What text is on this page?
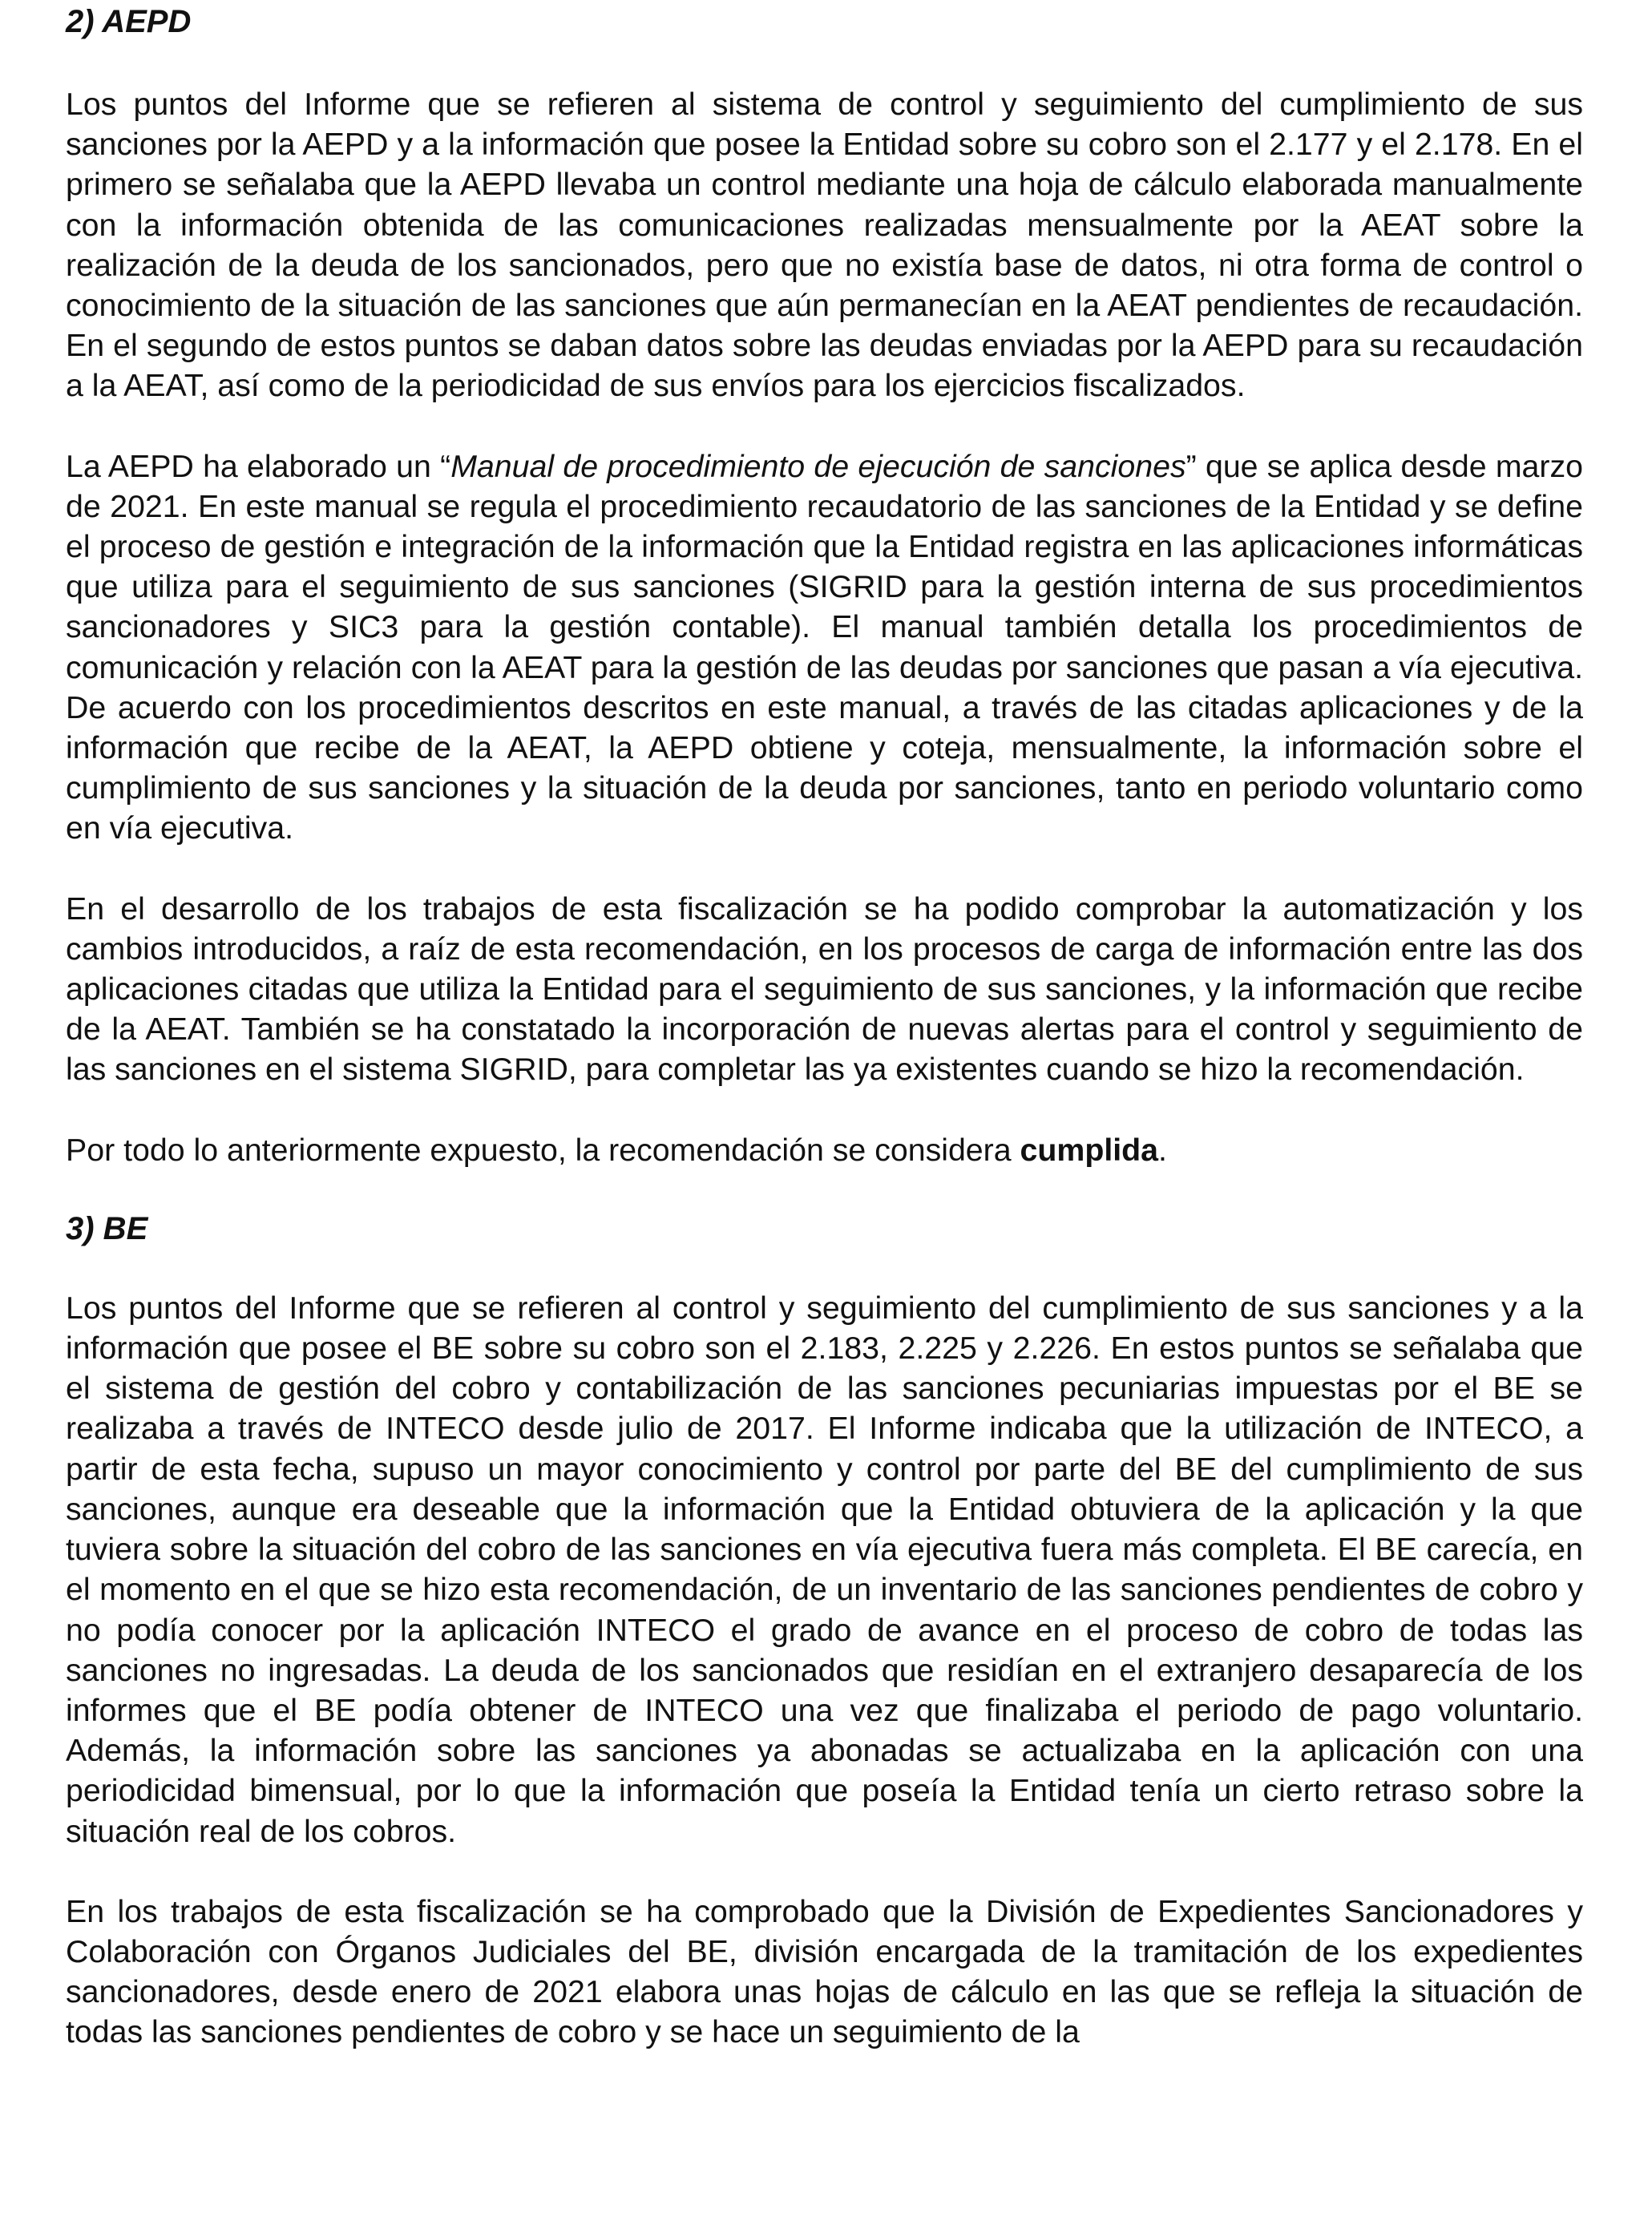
2) AEPD

Los puntos del Informe que se refieren al sistema de control y seguimiento del cumplimiento de sus sanciones por la AEPD y a la información que posee la Entidad sobre su cobro son el 2.177 y el 2.178. En el primero se señalaba que la AEPD llevaba un control mediante una hoja de cálculo elaborada manualmente con la información obtenida de las comunicaciones realizadas mensualmente por la AEAT sobre la realización de la deuda de los sancionados, pero que no existía base de datos, ni otra forma de control o conocimiento de la situación de las sanciones que aún permanecían en la AEAT pendientes de recaudación. En el segundo de estos puntos se daban datos sobre las deudas enviadas por la AEPD para su recaudación a la AEAT, así como de la periodicidad de sus envíos para los ejercicios fiscalizados.

La AEPD ha elaborado un “Manual de procedimiento de ejecución de sanciones” que se aplica desde marzo de 2021. En este manual se regula el procedimiento recaudatorio de las sanciones de la Entidad y se define el proceso de gestión e integración de la información que la Entidad registra en las aplicaciones informáticas que utiliza para el seguimiento de sus sanciones (SIGRID para la gestión interna de sus procedimientos sancionadores y SIC3 para la gestión contable). El manual también detalla los procedimientos de comunicación y relación con la AEAT para la gestión de las deudas por sanciones que pasan a vía ejecutiva. De acuerdo con los procedimientos descritos en este manual, a través de las citadas aplicaciones y de la información que recibe de la AEAT, la AEPD obtiene y coteja, mensualmente, la información sobre el cumplimiento de sus sanciones y la situación de la deuda por sanciones, tanto en periodo voluntario como en vía ejecutiva.

En el desarrollo de los trabajos de esta fiscalización se ha podido comprobar la automatización y los cambios introducidos, a raíz de esta recomendación, en los procesos de carga de información entre las dos aplicaciones citadas que utiliza la Entidad para el seguimiento de sus sanciones, y la información que recibe de la AEAT. También se ha constatado la incorporación de nuevas alertas para el control y seguimiento de las sanciones en el sistema SIGRID, para completar las ya existentes cuando se hizo la recomendación.

Por todo lo anteriormente expuesto, la recomendación se considera cumplida.

3) BE

Los puntos del Informe que se refieren al control y seguimiento del cumplimiento de sus sanciones y a la información que posee el BE sobre su cobro son el 2.183, 2.225 y 2.226. En estos puntos se señalaba que el sistema de gestión del cobro y contabilización de las sanciones pecuniarias impuestas por el BE se realizaba a través de INTECO desde julio de 2017. El Informe indicaba que la utilización de INTECO, a partir de esta fecha, supuso un mayor conocimiento y control por parte del BE del cumplimiento de sus sanciones, aunque era deseable que la información que la Entidad obtuviera de la aplicación y la que tuviera sobre la situación del cobro de las sanciones en vía ejecutiva fuera más completa. El BE carecía, en el momento en el que se hizo esta recomendación, de un inventario de las sanciones pendientes de cobro y no podía conocer por la aplicación INTECO el grado de avance en el proceso de cobro de todas las sanciones no ingresadas. La deuda de los sancionados que residían en el extranjero desaparecía de los informes que el BE podía obtener de INTECO una vez que finalizaba el periodo de pago voluntario. Además, la información sobre las sanciones ya abonadas se actualizaba en la aplicación con una periodicidad bimensual, por lo que la información que poseía la Entidad tenía un cierto retraso sobre la situación real de los cobros.

En los trabajos de esta fiscalización se ha comprobado que la División de Expedientes Sancionadores y Colaboración con Órganos Judiciales del BE, división encargada de la tramitación de los expedientes sancionadores, desde enero de 2021 elabora unas hojas de cálculo en las que se refleja la situación de todas las sanciones pendientes de cobro y se hace un seguimiento de la
